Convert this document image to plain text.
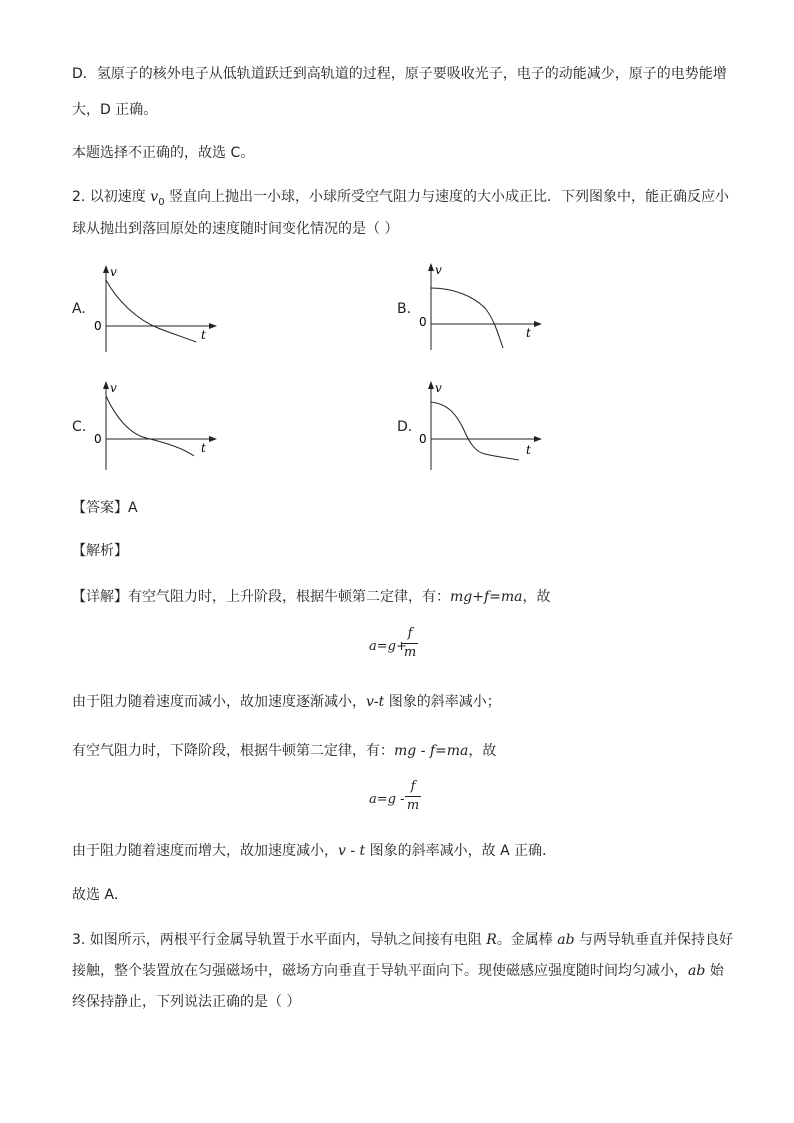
D．氢原子的核外电子从低轨道跃迁到高轨道的过程，原子要吸收光子，电子的动能减少，原子的电势能增
大，D 正确。
本题选择不正确的，故选 C。
2. 以初速度 $v_0$ 竖直向上抛出一小球，小球所受空气阻力与速度的大小成正比．下列图象中，能正确反应小
球从抛出到落回原处的速度随时间变化情况的是（ ）
A.
v
0
t
B.
v
0
t
C.
v
0
t
D.
v
0
t
【答案】A
【解析】
【详解】有空气阻力时，上升阶段，根据牛顿第二定律，有：mg+f=ma，故
a=g+
f
m
由于阻力随着速度而减小，故加速度逐渐减小，v-t 图象的斜率减小；
有空气阻力时，下降阶段，根据牛顿第二定律，有：mg - f=ma，故
a=g -
f
m
由于阻力随着速度而增大，故加速度减小，v - t 图象的斜率减小，故 A 正确．
故选 A．
3. 如图所示，两根平行金属导轨置于水平面内，导轨之间接有电阻 R。金属棒 ab 与两导轨垂直并保持良好
接触，整个装置放在匀强磁场中，磁场方向垂直于导轨平面向下。现使磁感应强度随时间均匀减小，ab 始
终保持静止，下列说法正确的是（ ）
